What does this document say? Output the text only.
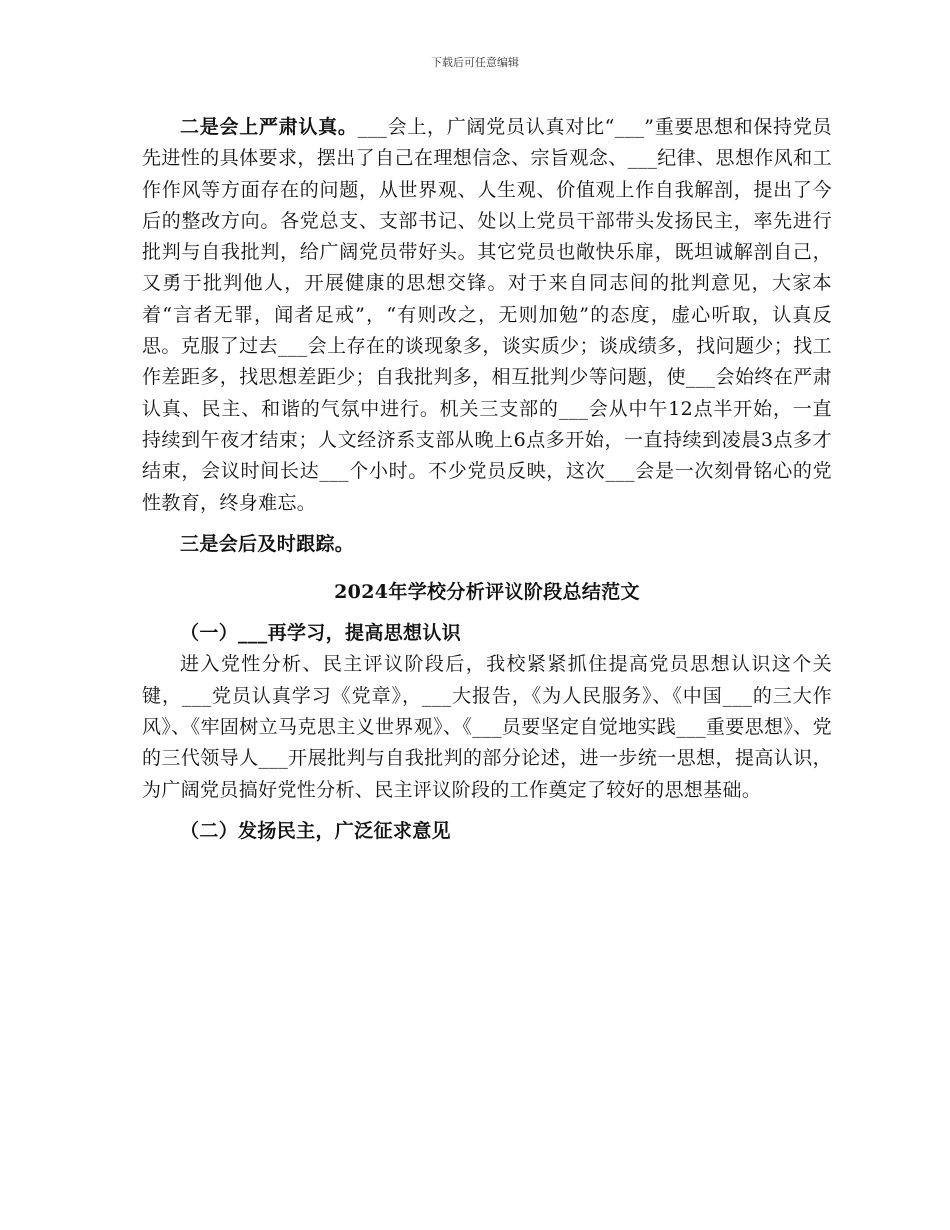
下载后可任意编辑

二是会上严肃认真。___会上，广阔党员认真对比“___”重要思想和保持党员先进性的具体要求，摆出了自己在理想信念、宗旨观念、___纪律、思想作风和工作作风等方面存在的问题，从世界观、人生观、价值观上作自我解剖，提出了今后的整改方向。各党总支、支部书记、处以上党员干部带头发扬民主，率先进行批判与自我批判，给广阔党员带好头。其它党员也敞快乐扉，既坦诚解剖自己，又勇于批判他人，开展健康的思想交锋。对于来自同志间的批判意见，大家本着“言者无罪，闻者足戒”，“有则改之，无则加勉”的态度，虚心听取，认真反思。克服了过去___会上存在的谈现象多，谈实质少；谈成绩多，找问题少；找工作差距多，找思想差距少；自我批判多，相互批判少等问题，使___会始终在严肃认真、民主、和谐的气氛中进行。机关三支部的___会从中午12点半开始，一直持续到午夜才结束；人文经济系支部从晚上6点多开始，一直持续到凌晨3点多才结束，会议时间长达___个小时。不少党员反映，这次___会是一次刻骨铭心的党性教育，终身难忘。

三是会后及时跟踪。

2024年学校分析评议阶段总结范文

（一）___再学习，提高思想认识

进入党性分析、民主评议阶段后，我校紧紧抓住提高党员思想认识这个关键，___党员认真学习《党章》，___大报告，《为人民服务》、《中国___的三大作风》、《牢固树立马克思主义世界观》、《___员要坚定自觉地实践___重要思想》、党的三代领导人___开展批判与自我批判的部分论述，进一步统一思想，提高认识，为广阔党员搞好党性分析、民主评议阶段的工作奠定了较好的思想基础。

（二）发扬民主，广泛征求意见
